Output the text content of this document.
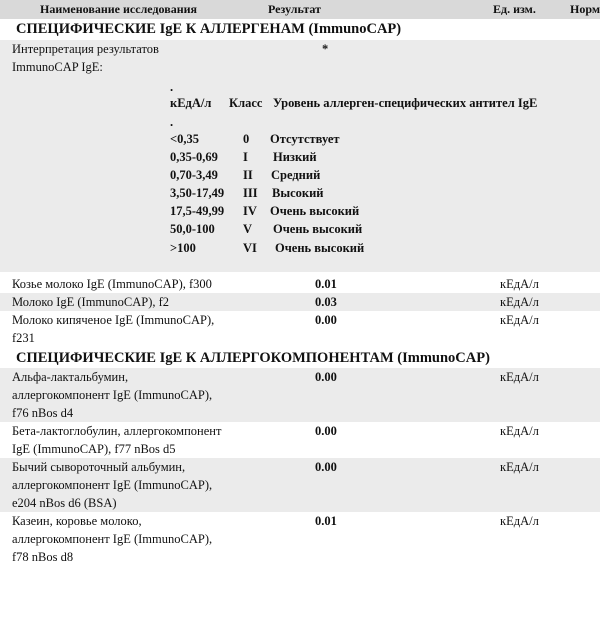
Наименование исследования	Результат	Ед. изм.	Норм
СПЕЦИФИЧЕСКИЕ IgE К АЛЛЕРГЕНАМ (ImmunoCAP)
Интерпретация результатов
ImmunoCAP IgE:
*
.
.
кЕдА/л Класс Уровень аллерген-специфических антител IgE
<0,35	0 Отсутствует
0,35-0,69 I Низкий
0,70-3,49 II Средний
3,50-17,49 III Высокий
17,5-49,99 IV Очень высокий
50,0-100 V Очень высокий
>100	VI Очень высокий
Козье молоко IgE (ImmunoCAP), f300	0.01	кЕдА/л
Молоко IgE (ImmunoCAP), f2	0.03	кЕдА/л
Молоко кипяченое IgE (ImmunoCAP),
f231
0.00	кЕдА/л
СПЕЦИФИЧЕСКИЕ IgE К АЛЛЕРГОКОМПОНЕНТАМ (ImmunoCAP)
Альфа-лактальбумин,
аллергокомпонент IgE (ImmunoCAP),
f76 nBos d4
0.00	кЕдА/л
Бета-лактоглобулин, аллергокомпонент
IgE (ImmunoCAP), f77 nBos d5
0.00	кЕдА/л
Бычий сывороточный альбумин,
аллергокомпонент IgE (ImmunoCAP),
e204 nBos d6 (BSA)
0.00	кЕдА/л
Казеин, коровье молоко,
аллергокомпонент IgE (ImmunoCAP),
f78 nBos d8
0.01	кЕдА/л
